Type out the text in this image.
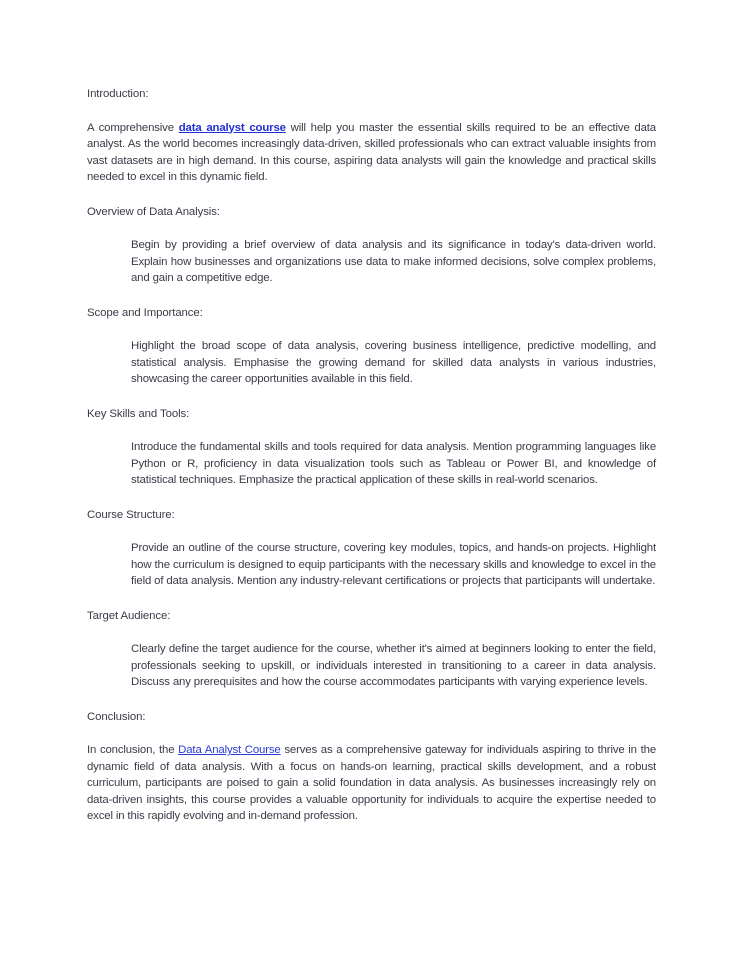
Introduction:

A comprehensive data analyst course will help you master the essential skills required to be an effective data analyst. As the world becomes increasingly data-driven, skilled professionals who can extract valuable insights from vast datasets are in high demand. In this course, aspiring data analysts will gain the knowledge and practical skills needed to excel in this dynamic field.

Overview of Data Analysis:

Begin by providing a brief overview of data analysis and its significance in today's data-driven world. Explain how businesses and organizations use data to make informed decisions, solve complex problems, and gain a competitive edge.

Scope and Importance:

Highlight the broad scope of data analysis, covering business intelligence, predictive modelling, and statistical analysis. Emphasise the growing demand for skilled data analysts in various industries, showcasing the career opportunities available in this field.

Key Skills and Tools:

Introduce the fundamental skills and tools required for data analysis. Mention programming languages like Python or R, proficiency in data visualization tools such as Tableau or Power BI, and knowledge of statistical techniques. Emphasize the practical application of these skills in real-world scenarios.

Course Structure:

Provide an outline of the course structure, covering key modules, topics, and hands-on projects. Highlight how the curriculum is designed to equip participants with the necessary skills and knowledge to excel in the field of data analysis. Mention any industry-relevant certifications or projects that participants will undertake.

Target Audience:

Clearly define the target audience for the course, whether it's aimed at beginners looking to enter the field, professionals seeking to upskill, or individuals interested in transitioning to a career in data analysis. Discuss any prerequisites and how the course accommodates participants with varying experience levels.

Conclusion:

In conclusion, the Data Analyst Course serves as a comprehensive gateway for individuals aspiring to thrive in the dynamic field of data analysis. With a focus on hands-on learning, practical skills development, and a robust curriculum, participants are poised to gain a solid foundation in data analysis. As businesses increasingly rely on data-driven insights, this course provides a valuable opportunity for individuals to acquire the expertise needed to excel in this rapidly evolving and in-demand profession.
